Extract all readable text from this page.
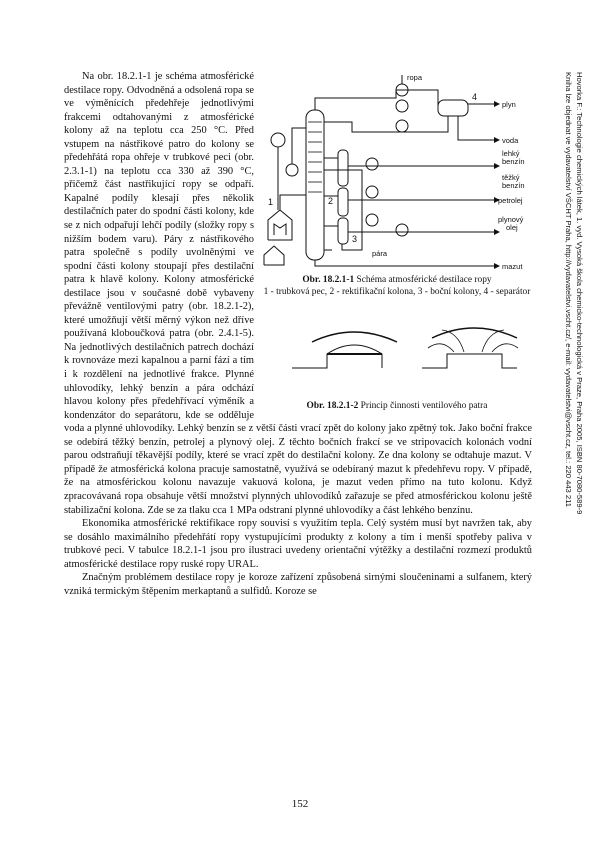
Hovorka F.: Technologie chemických látek, 1. vyd. Vysoká škola chemicko-technologická v Praze, Praha 2005, ISBN 80-7080-589-9
Kniha lze objednat ve vydavatelství VŠCHT Praha, http://vydavatelstvi.vscht.cz/, e-mail: vydavatelstvi@vscht.cz, tel.: 220 443 211
ropa
plyn
voda
lehký
benzín
těžký
benzín
petrolej
plynový
olej
pára
mazut
1	2
3
4
Obr. 18.2.1-1 Schéma atmosférické destilace ropy
1 - trubková pec, 2 - rektifikační kolona, 3 - boční kolony, 4 - separátor
Obr. 18.2.1-2 Princip činnosti ventilového patra

Na obr. 18.2.1-1 je schéma atmosférické destilace ropy. Odvodněná a odsolená ropa se ve výměnících předehřeje jednotlivými frakcemi odtahovanými z atmosférické kolony až na teplotu cca 250 °C. Před vstupem na nástřikové patro do kolony se předehřátá ropa ohřeje v trubkové peci (obr. 2.3.1-1) na teplotu cca 330 až 390 °C, přičemž část nastřikující ropy se odpaří. Kapalné podíly klesají přes několik destilačních pater do spodní části kolony, kde se z nich odpařují lehčí podíly (složky ropy s nižším bodem varu). Páry z nástřikového patra společně s podíly uvolněnými ve spodní části kolony stoupají přes destilační patra k hlavě kolony. Kolony atmosférické destilace jsou v současné době vybaveny převážně ventilovými patry (obr. 18.2.1-2), které umožňují větší měrný výkon než dříve používaná kloboučková patra (obr. 2.4.1-5). Na jednotlivých destilačních patrech dochází k rovnováze mezi kapalnou a parní fází a tím i k rozdělení na jednotlivé frakce. Plynné uhlovodíky, lehký benzín a pára odchází hlavou kolony přes předehřívací výměník a kondenzátor do separátoru, kde se odděluje voda a plynné uhlovodíky. Lehký benzín se z větší části vrací zpět do kolony jako zpětný tok. Jako boční frakce se odebírá těžký benzín, petrolej a plynový olej. Z těchto bočních frakcí se ve stripovacích kolonách vodní parou odstraňují těkavější podíly, které se vrací zpět do destilační kolony. Ze dna kolony se odtahuje mazut. V případě že atmosférická kolona pracuje samostatně, využívá se odebíraný mazut k předehřevu ropy. V případě, že na atmosférickou kolonu navazuje vakuová kolona, je mazut veden přímo na tuto kolonu. Když zpracovávaná ropa obsahuje větší množství plynných uhlovodíků zařazuje se před atmosférickou kolonu ještě stabilizační kolona. Zde se za tlaku cca 1 MPa odstraní plynné uhlovodíky a část lehkého benzínu.

Ekonomika atmosférické rektifikace ropy souvisí s využitím tepla. Celý systém musí byt navržen tak, aby se dosáhlo maximálního předehřátí ropy vystupujícími produkty z kolony a tím i menší spotřeby paliva v trubkové peci. V tabulce 18.2.1-1 jsou pro ilustraci uvedeny orientační výtěžky a destilační rozmezí produktů atmosférické destilace ropy ruské ropy URAL.

Značným problémem destilace ropy je koroze zařízení způsobená sirnými sloučeninami a sulfanem, který vzniká termickým štěpením merkaptanů a sulfidů. Koroze se

152
